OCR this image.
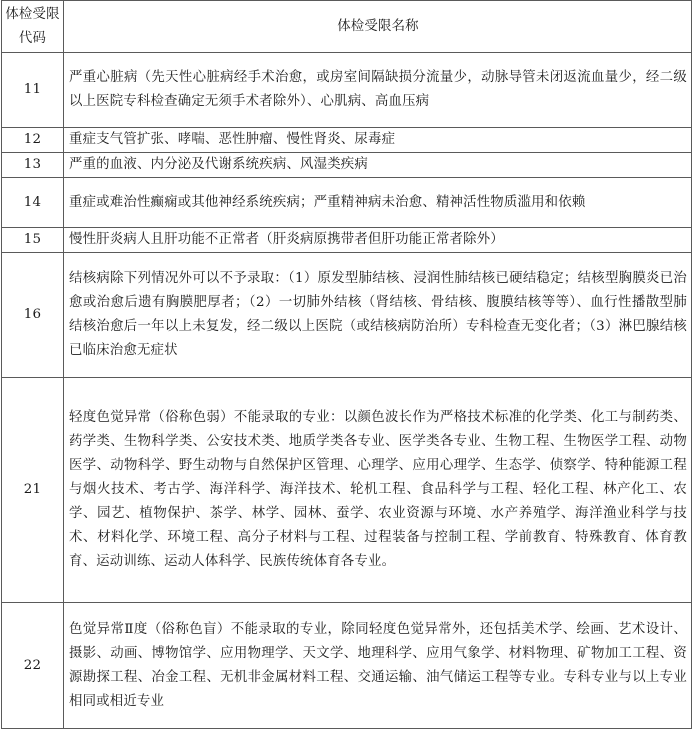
体检受限代码	体检受限名称
11	严重心脏病（先天性心脏病经手术治愈，或房室间隔缺损分流量少，动脉导管未闭返流血量少，经二级以上医院专科检查确定无须手术者除外）、心肌病、高血压病
12	重症支气管扩张、哮喘、恶性肿瘤、慢性肾炎、尿毒症
13	严重的血液、内分泌及代谢系统疾病、风湿类疾病
14	重症或难治性癫痫或其他神经系统疾病；严重精神病未治愈、精神活性物质滥用和依赖
15	慢性肝炎病人且肝功能不正常者（肝炎病原携带者但肝功能正常者除外）
16	结核病除下列情况外可以不予录取：（1）原发型肺结核、浸润性肺结核已硬结稳定；结核型胸膜炎已治愈或治愈后遗有胸膜肥厚者；（2）一切肺外结核（肾结核、骨结核、腹膜结核等等）、血行性播散型肺结核治愈后一年以上未复发，经二级以上医院（或结核病防治所）专科检查无变化者；（3）淋巴腺结核已临床治愈无症状
21	轻度色觉异常（俗称色弱）不能录取的专业：以颜色波长作为严格技术标准的化学类、化工与制药类、药学类、生物科学类、公安技术类、地质学类各专业、医学类各专业、生物工程、生物医学工程、动物医学、动物科学、野生动物与自然保护区管理、心理学、应用心理学、生态学、侦察学、特种能源工程与烟火技术、考古学、海洋科学、海洋技术、轮机工程、食品科学与工程、轻化工程、林产化工、农学、园艺、植物保护、茶学、林学、园林、蚕学、农业资源与环境、水产养殖学、海洋渔业科学与技术、材料化学、环境工程、高分子材料与工程、过程装备与控制工程、学前教育、特殊教育、体育教育、运动训练、运动人体科学、民族传统体育各专业。
22	色觉异常Ⅱ度（俗称色盲）不能录取的专业，除同轻度色觉异常外，还包括美术学、绘画、艺术设计、摄影、动画、博物馆学、应用物理学、天文学、地理科学、应用气象学、材料物理、矿物加工工程、资源勘探工程、冶金工程、无机非金属材料工程、交通运输、油气储运工程等专业。专科专业与以上专业相同或相近专业
